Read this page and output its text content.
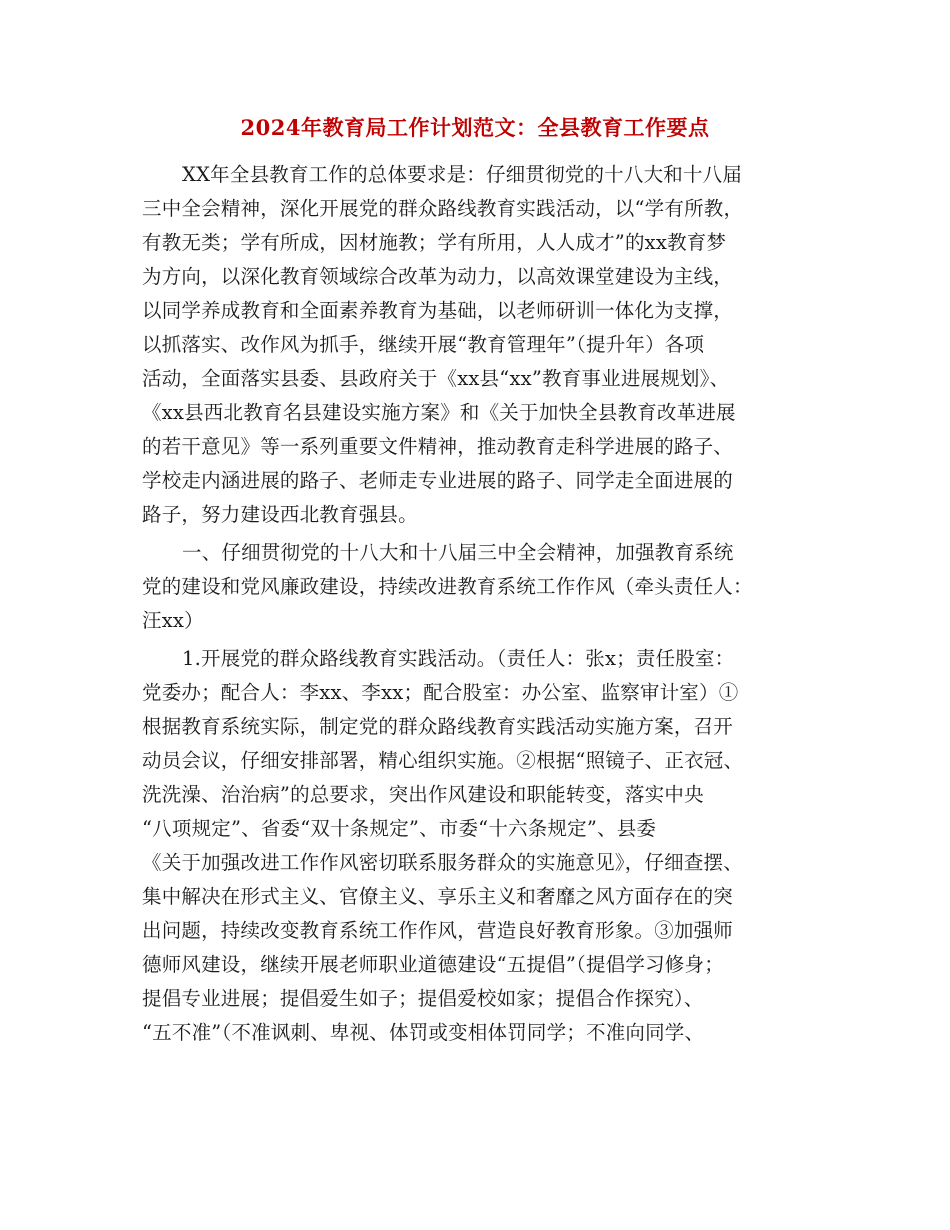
2024年教育局工作计划范文：全县教育工作要点
XX年全县教育工作的总体要求是：仔细贯彻党的十八大和十八届
三中全会精神，深化开展党的群众路线教育实践活动，以“学有所教，
有教无类；学有所成，因材施教；学有所用，人人成才”的xx教育梦
为方向，以深化教育领域综合改革为动力，以高效课堂建设为主线，
以同学养成教育和全面素养教育为基础，以老师研训一体化为支撑，
以抓落实、改作风为抓手，继续开展“教育管理年”（提升年）各项
活动，全面落实县委、县政府关于《xx县“xx”教育事业进展规划》、
《xx县西北教育名县建设实施方案》和《关于加快全县教育改革进展
的若干意见》等一系列重要文件精神，推动教育走科学进展的路子、
学校走内涵进展的路子、老师走专业进展的路子、同学走全面进展的
路子，努力建设西北教育强县。
一、仔细贯彻党的十八大和十八届三中全会精神，加强教育系统
党的建设和党风廉政建设，持续改进教育系统工作作风（牵头责任人：
汪xx）
1.开展党的群众路线教育实践活动。（责任人：张x；责任股室：
党委办；配合人：李xx、李xx；配合股室：办公室、监察审计室）①
根据教育系统实际，制定党的群众路线教育实践活动实施方案，召开
动员会议，仔细安排部署，精心组织实施。②根据“照镜子、正衣冠、
洗洗澡、治治病”的总要求，突出作风建设和职能转变，落实中央
“八项规定”、省委“双十条规定”、市委“十六条规定”、县委
《关于加强改进工作作风密切联系服务群众的实施意见》，仔细查摆、
集中解决在形式主义、官僚主义、享乐主义和奢靡之风方面存在的突
出问题，持续改变教育系统工作作风，营造良好教育形象。③加强师
德师风建设，继续开展老师职业道德建设“五提倡”（提倡学习修身；
提倡专业进展；提倡爱生如子；提倡爱校如家；提倡合作探究）、
“五不准”（不准讽刺、卑视、体罚或变相体罚同学；不准向同学、
